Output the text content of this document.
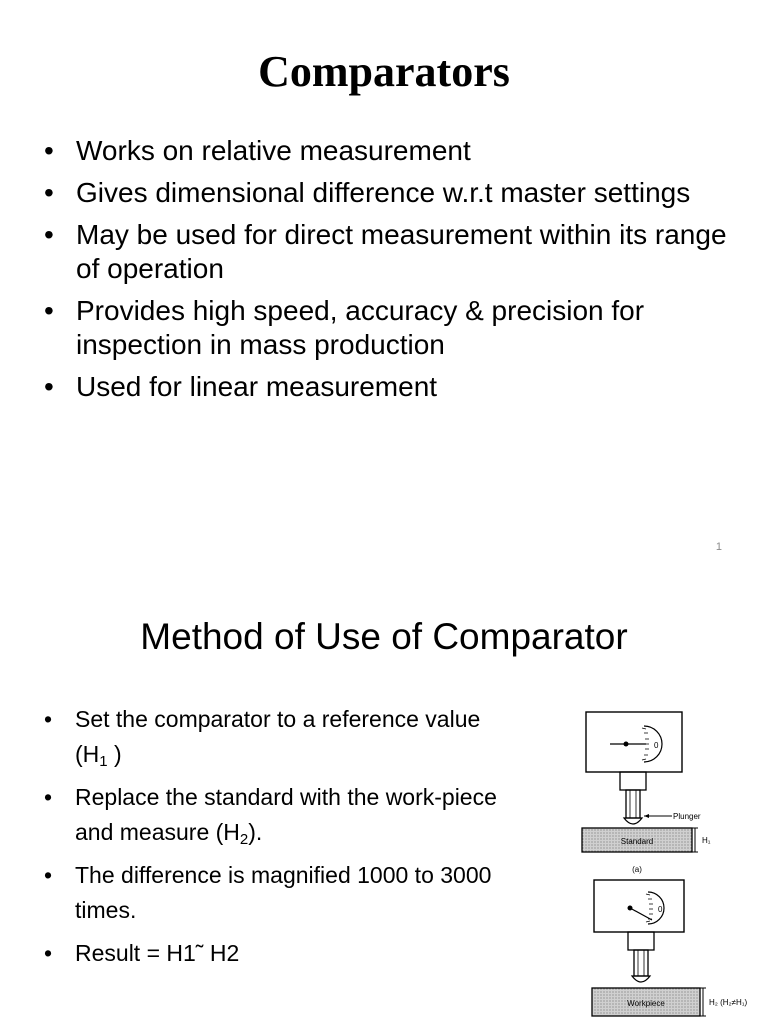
Comparators
• Works on relative measurement
• Gives dimensional difference w.r.t master settings
• May be used for direct measurement within its range of operation
• Provides high speed, accuracy & precision for inspection in mass production
• Used for linear measurement
1
Method of Use of Comparator
• Set the comparator to a reference value ($H_1$ )
• Replace the standard with the work-piece and measure $(H_2)$.
• The difference is magnified 1000 to 3000 times.
• Result = H1˜ H2
0
Plunger
Standard	H₁
(a)
0
Workpiece	H₂ (H₂≠H₁)
